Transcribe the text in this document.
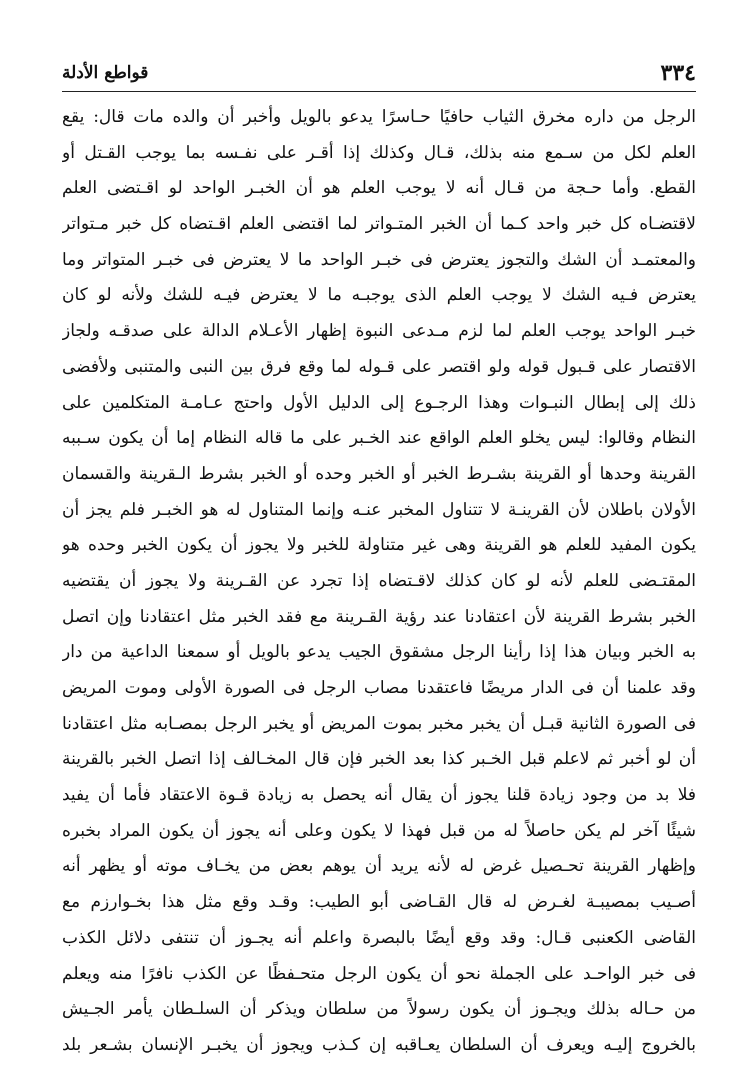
٣٣٤
قواطع الأدلة
الرجل من داره مخرق الثياب حافيًا حـاسرًا يدعو بالويل وأخبر أن والده مات قال: يقع
العلم لكل من سـمع منه بذلك، قـال وكذلك إذا أقـر على نفـسه بما يوجب القـتل أو
القطع. وأما حـجة من قـال أنه لا يوجب العلم هو أن الخبـر الواحد لو اقـتضى العلم
لاقتضـاه كل خبر واحد كـما أن الخبر المتـواتر لما اقتضى العلم اقـتضاه كل خبر مـتواتر
والمعتمـد أن الشك والتجوز يعترض فى خبـر الواحد ما لا يعترض فى خبـر المتواتر وما
يعترض فـيه الشك لا يوجب العلم الذى يوجبـه ما لا يعترض فيـه للشك ولأنه لو كان
خبـر الواحد يوجب العلم لما لزم مـدعى النبوة إظهار الأعـلام الدالة على صدقـه ولجاز
الاقتصار على قـبول قوله ولو اقتصر على قـوله لما وقع فرق بين النبى والمتنبى ولأفضى
ذلك إلى إبطال النبـوات وهذا الرجـوع إلى الدليل الأول واحتج عـامـة المتكلمين على
النظام وقالوا: ليس يخلو العلم الواقع عند الخـبر على ما قاله النظام إما أن يكون سـببه
القرينة وحدها أو القرينة بشـرط الخبر أو الخبر وحده أو الخبر بشرط الـقرينة والقسمان
الأولان باطلان لأن القرينـة لا تتناول المخبر عنـه وإنما المتناول له هو الخبـر فلم يجز أن
يكون المفيد للعلم هو القرينة وهى غير متناولة للخبر ولا يجوز أن يكون الخبر وحده هو
المقتـضى للعلم لأنه لو كان كذلك لاقـتضاه إذا تجرد عن القـرينة ولا يجوز أن يقتضيه
الخبر بشرط القرينة لأن اعتقادنا عند رؤية القـرينة مع فقد الخبر مثل اعتقادنا وإن اتصل
به الخبر وبيان هذا إذا رأينا الرجل مشقوق الجيب يدعو بالويل أو سمعنا الداعية من دار
وقد علمنا أن فى الدار مريضًا فاعتقدنا مصاب الرجل فى الصورة الأولى وموت المريض
فى الصورة الثانية قبـل أن يخبر مخبر بموت المريض أو يخبر الرجل بمصـابه مثل اعتقادنا
أن لو أخبر ثم لاعلم قبل الخـبر كذا بعد الخبر فإن قال المخـالف إذا اتصل الخبر بالقرينة
فلا بد من وجود زيادة قلنا يجوز أن يقال أنه يحصل به زيادة قـوة الاعتقاد فأما أن يفيد
شيئًا آخر لم يكن حاصلاً له من قبل فهذا لا يكون وعلى أنه يجوز أن يكون المراد بخبره
وإظهار القرينة تحـصيل غرض له لأنه يريد أن يوهم بعض من يخـاف موته أو يظهر أنه
أصـيب بمصيبـة لغـرض له قال القـاضى أبو الطيب: وقـد وقع مثل هذا بخـوارزم مع
القاضى الكعنبى قـال: وقد وقع أيضًا بالبصرة واعلم أنه يجـوز أن تنتفى دلائل الكذب
فى خبر الواحـد على الجملة نحو أن يكون الرجل متحـفظًا عن الكذب نافرًا منه ويعلم
من حـاله بذلك ويجـوز أن يكون رسولاً من سلطان ويذكر أن السلـطان يأمر الجـيش
بالخروج إليـه ويعرف أن السلطان يعـاقبه إن كـذب ويجوز أن يخبـر الإنسان بشـعر بلد
